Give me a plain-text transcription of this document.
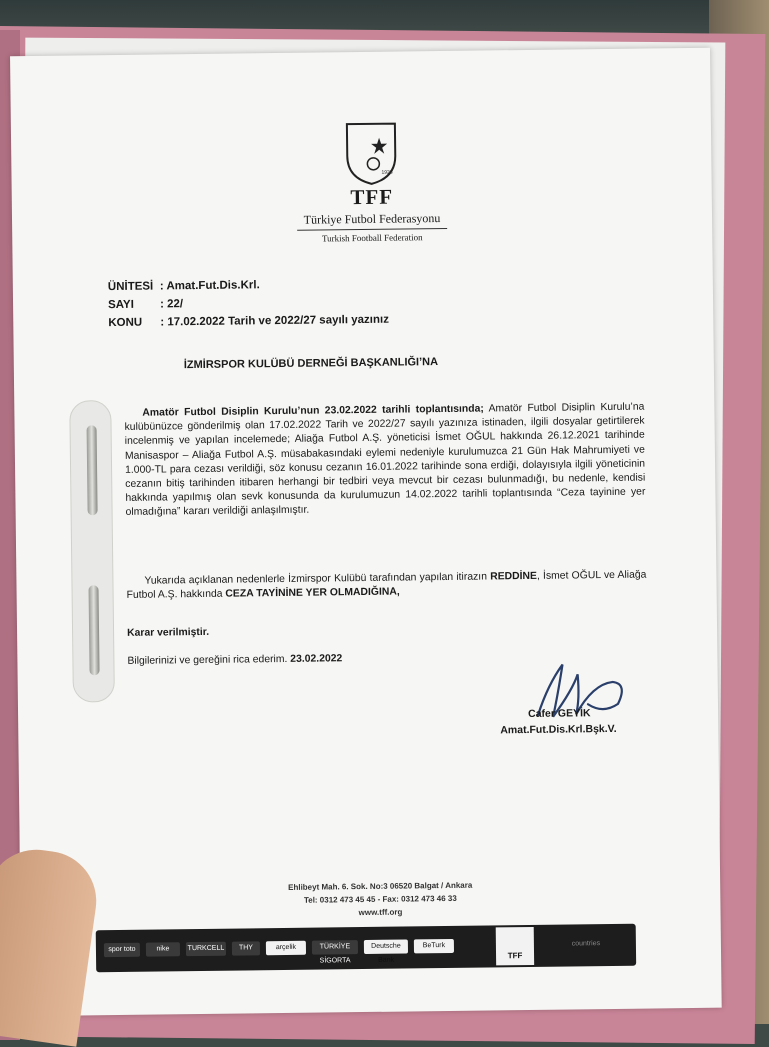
1923
TFF
Türkiye Futbol Federasyonu
Turkish Football Federation
ÜNİTESİ : Amat.Fut.Dis.Krl.
SAYI : 22/
KONU : 17.02.2022 Tarih ve 2022/27 sayılı yazınız
İZMİRSPOR KULÜBÜ DERNEĞİ BAŞKANLIĞI’NA
Amatör Futbol Disiplin Kurulu’nun 23.02.2022 tarihli toplantısında; Amatör Futbol Disiplin Kurulu’na kulübünüzce gönderilmiş olan 17.02.2022 Tarih ve 2022/27 sayılı yazınıza istinaden, ilgili dosyalar getirtilerek incelenmiş ve yapılan incelemede; Aliağa Futbol A.Ş. yöneticisi İsmet OĞUL hakkında 26.12.2021 tarihinde Manisaspor – Aliağa Futbol A.Ş. müsabakasındaki eylemi nedeniyle kurulumuzca 21 Gün Hak Mahrumiyeti ve 1.000-TL para cezası verildiği, söz konusu cezanın 16.01.2022 tarihinde sona erdiği, dolayısıyla ilgili yöneticinin cezanın bitiş tarihinden itibaren herhangi bir tedbiri veya mevcut bir cezası bulunmadığı, bu nedenle, kendisi hakkında yapılmış olan sevk konusunda da kurulumuzun 14.02.2022 tarihli toplantısında “Ceza tayinine yer olmadığına” kararı verildiği anlaşılmıştır.
Yukarıda açıklanan nedenlerle İzmirspor Kulübü tarafından yapılan itirazın REDDİNE, İsmet OĞUL ve Aliağa Futbol A.Ş. hakkında CEZA TAYİNİNE YER OLMADIĞINA,
Karar verilmiştir.
Bilgilerinizi ve gereğini rica ederim. 23.02.2022
Cafer GEYİK
Amat.Fut.Dis.Krl.Bşk.V.
Ehlibeyt Mah. 6. Sok. No:3 06520 Balgat / Ankara
Tel: 0312 473 45 45 - Fax: 0312 473 46 33
www.tff.org
spor toto	nike	TURKCELL	THY	arçelik	TÜRKİYE SİGORTA
Deutsche Bank
BeTurk
TFF
countries
